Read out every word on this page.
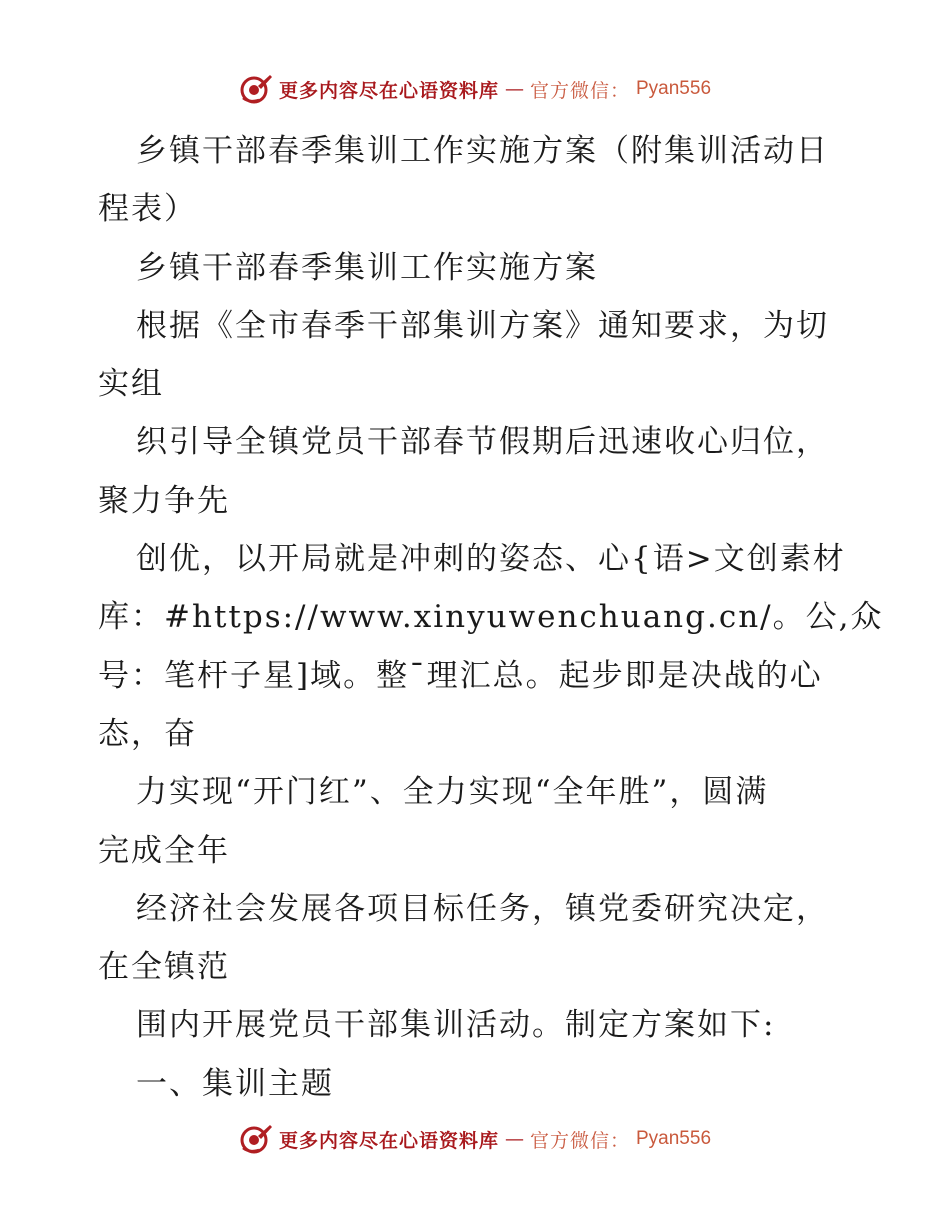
更多内容尽在心语资料库 — 官方微信： Pyan556
乡镇干部春季集训工作实施方案（附集训活动日
程表）
乡镇干部春季集训工作实施方案
根据《全市春季干部集训方案》通知要求，为切
实组
织引导全镇党员干部春节假期后迅速收心归位，
聚力争先
创优，以开局就是冲刺的姿态、心{语>文创素材
库：#https://www.xinyuwenchuang.cn/。公,众
号：笔杆子星]域。整¯理汇总。起步即是决战的心
态，奋
力实现“开门红”、全力实现“全年胜”，圆满
完成全年
经济社会发展各项目标任务，镇党委研究决定，
在全镇范
围内开展党员干部集训活动。制定方案如下:
一、集训主题
更多内容尽在心语资料库 — 官方微信： Pyan556
